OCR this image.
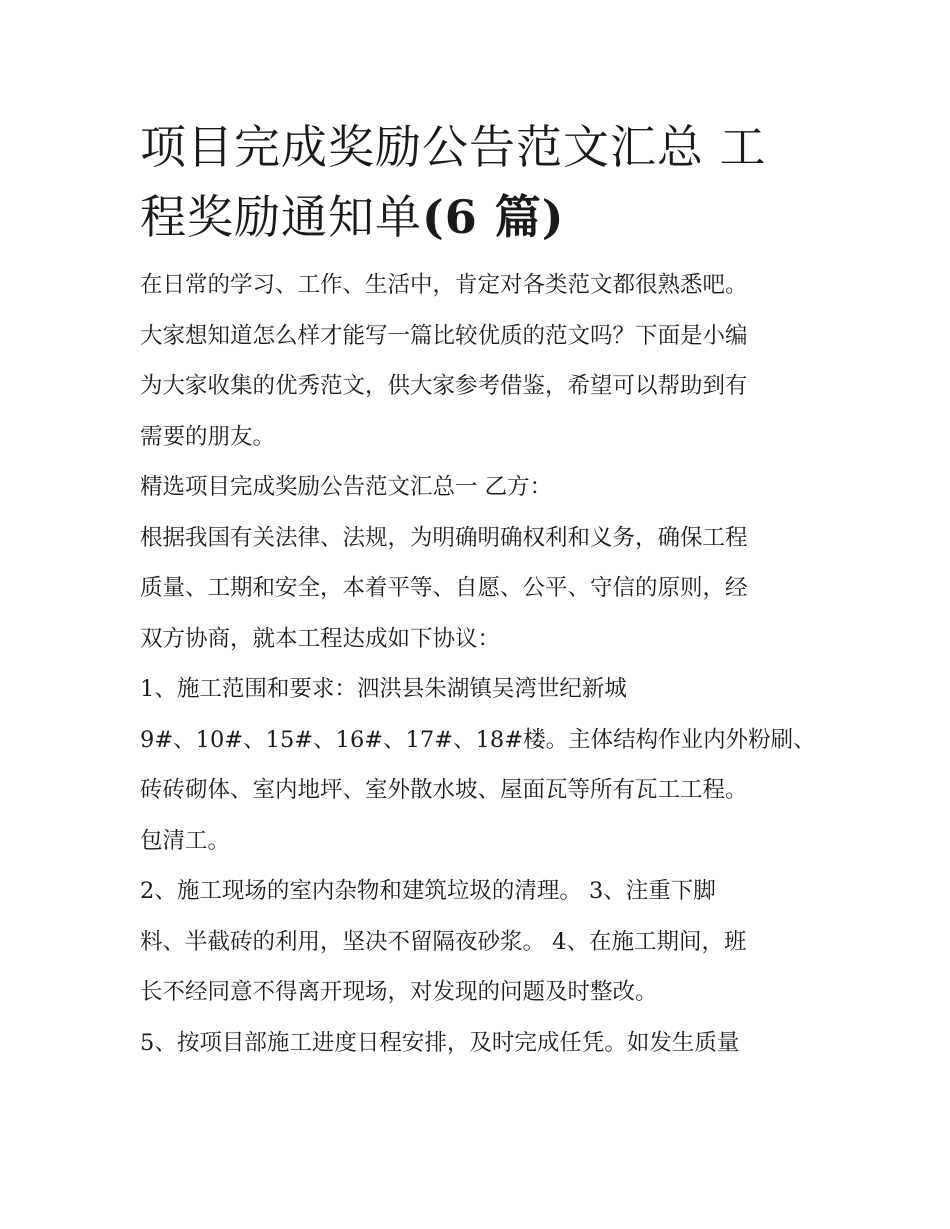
项目完成奖励公告范文汇总 工
程奖励通知单(6 篇)

在日常的学习、工作、生活中，肯定对各类范文都很熟悉吧。

大家想知道怎么样才能写一篇比较优质的范文吗？下面是小编

为大家收集的优秀范文，供大家参考借鉴，希望可以帮助到有

需要的朋友。

精选项目完成奖励公告范文汇总一 乙方：

根据我国有关法律、法规，为明确明确权利和义务，确保工程

质量、工期和安全，本着平等、自愿、公平、守信的原则，经

双方协商，就本工程达成如下协议：

1、施工范围和要求：泗洪县朱湖镇吴湾世纪新城

9#、10#、15#、16#、17#、18#楼。主体结构作业内外粉刷、

砖砖砌体、室内地坪、室外散水坡、屋面瓦等所有瓦工工程。

包清工。

2、施工现场的室内杂物和建筑垃圾的清理。 3、注重下脚

料、半截砖的利用，坚决不留隔夜砂浆。 4、在施工期间，班

长不经同意不得离开现场，对发现的问题及时整改。

5、按项目部施工进度日程安排，及时完成任凭。如发生质量
